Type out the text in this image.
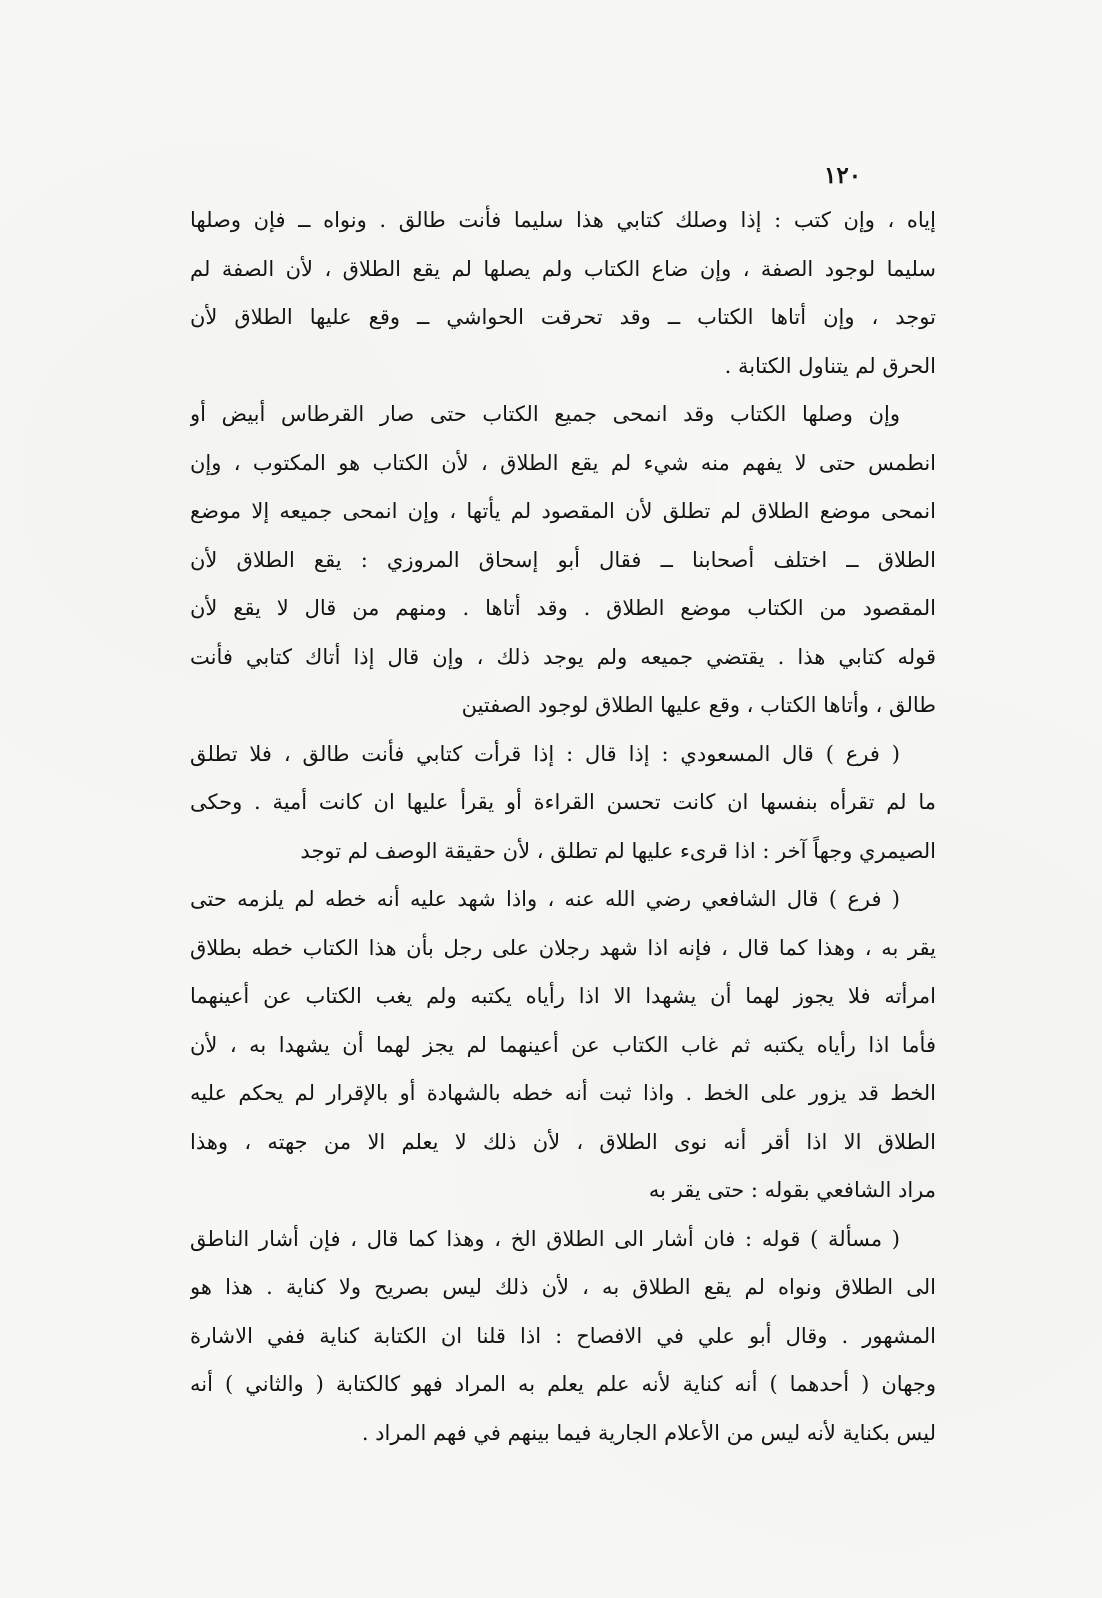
١٢٠
إياه ، وإن كتب : إذا وصلك كتابي هذا سليما فأنت طالق . ونواه ــ فإن وصلها
سليما لوجود الصفة ، وإن ضاع الكتاب ولم يصلها لم يقع الطلاق ، لأن الصفة لم
توجد ، وإن أتاها الكتاب ــ وقد تحرقت الحواشي ــ وقع عليها الطلاق لأن
الحرق لم يتناول الكتابة .
وإن وصلها الكتاب وقد انمحى جميع الكتاب حتى صار القرطاس أبيض أو
انطمس حتى لا يفهم منه شيء لم يقع الطلاق ، لأن الكتاب هو المكتوب ، وإن
انمحى موضع الطلاق لم تطلق لأن المقصود لم يأتها ، وإن انمحى جميعه إلا موضع
الطلاق ــ اختلف أصحابنا ــ فقال أبو إسحاق المروزي : يقع الطلاق لأن
المقصود من الكتاب موضع الطلاق . وقد أتاها . ومنهم من قال لا يقع لأن
قوله كتابي هذا . يقتضي جميعه ولم يوجد ذلك ، وإن قال إذا أتاك كتابي فأنت
طالق ، وأتاها الكتاب ، وقع عليها الطلاق لوجود الصفتين
( فرع ) قال المسعودي : إذا قال : إذا قرأت كتابي فأنت طالق ، فلا تطلق
ما لم تقرأه بنفسها ان كانت تحسن القراءة أو يقرأ عليها ان كانت أمية . وحكى
الصيمري وجهاً آخر : اذا قرىء عليها لم تطلق ، لأن حقيقة الوصف لم توجد
( فرع ) قال الشافعي رضي الله عنه ، واذا شهد عليه أنه خطه لم يلزمه حتى
يقر به ، وهذا كما قال ، فإنه اذا شهد رجلان على رجل بأن هذا الكتاب خطه بطلاق
امرأته فلا يجوز لهما أن يشهدا الا اذا رأياه يكتبه ولم يغب الكتاب عن أعينهما
فأما اذا رأياه يكتبه ثم غاب الكتاب عن أعينهما لم يجز لهما أن يشهدا به ، لأن
الخط قد يزور على الخط . واذا ثبت أنه خطه بالشهادة أو بالإقرار لم يحكم عليه
الطلاق الا اذا أقر أنه نوى الطلاق ، لأن ذلك لا يعلم الا من جهته ، وهذا
مراد الشافعي بقوله : حتى يقر به
( مسألة ) قوله : فان أشار الى الطلاق الخ ، وهذا كما قال ، فإن أشار الناطق
الى الطلاق ونواه لم يقع الطلاق به ، لأن ذلك ليس بصريح ولا كناية . هذا هو
المشهور . وقال أبو علي في الافصاح : اذا قلنا ان الكتابة كناية ففي الاشارة
وجهان ( أحدهما ) أنه كناية لأنه علم يعلم به المراد فهو كالكتابة ( والثاني ) أنه
ليس بكناية لأنه ليس من الأعلام الجارية فيما بينهم في فهم المراد .
